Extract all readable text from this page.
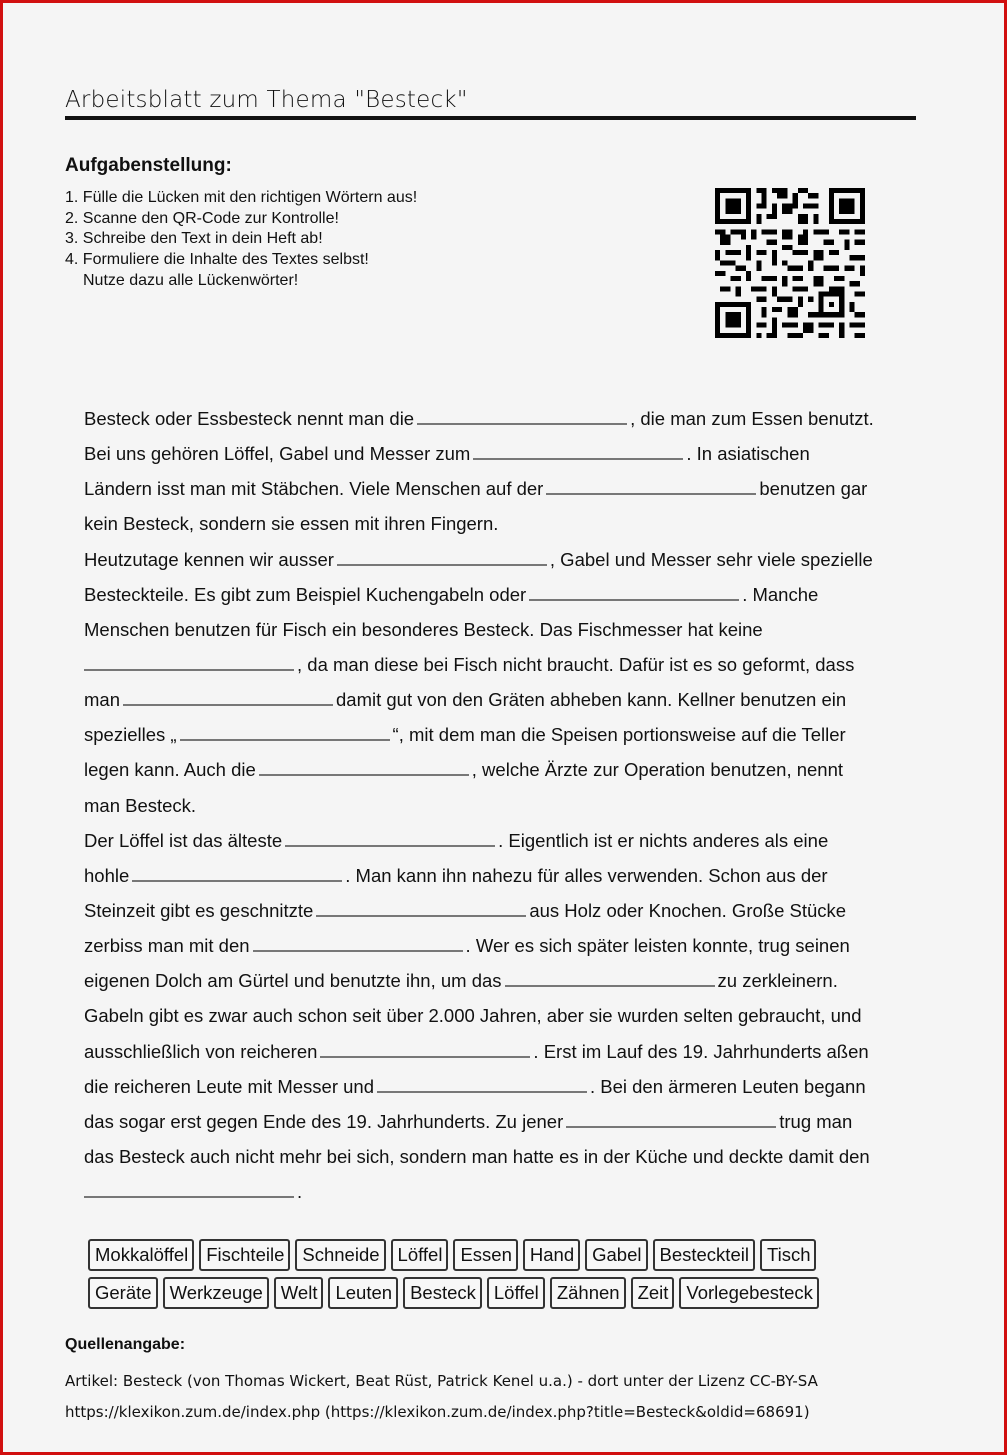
Arbeitsblatt zum Thema "Besteck"
Aufgabenstellung:
1. Fülle die Lücken mit den richtigen Wörtern aus!
2. Scanne den QR-Code zur Kontrolle!
3. Schreibe den Text in dein Heft ab!
4. Formuliere die Inhalte des Textes selbst!
Nutze dazu alle Lückenwörter!
Besteck oder Essbesteck nennt man die	, die man zum Essen benutzt.
Bei uns gehören Löffel, Gabel und Messer zum	. In asiatischen
Ländern isst man mit Stäbchen. Viele Menschen auf der	benutzen gar
kein Besteck, sondern sie essen mit ihren Fingern.
Heutzutage kennen wir ausser	, Gabel und Messer sehr viele spezielle
Besteckteile. Es gibt zum Beispiel Kuchengabeln oder	. Manche
Menschen benutzen für Fisch ein besonderes Besteck. Das Fischmesser hat keine
, da man diese bei Fisch nicht braucht. Dafür ist es so geformt, dass
man	damit gut von den Gräten abheben kann. Kellner benutzen ein
spezielles „	“, mit dem man die Speisen portionsweise auf die Teller
legen kann. Auch die	, welche Ärzte zur Operation benutzen, nennt
man Besteck.
Der Löffel ist das älteste	. Eigentlich ist er nichts anderes als eine
hohle	. Man kann ihn nahezu für alles verwenden. Schon aus der
Steinzeit gibt es geschnitzte	aus Holz oder Knochen. Große Stücke
zerbiss man mit den	. Wer es sich später leisten konnte, trug seinen
eigenen Dolch am Gürtel und benutzte ihn, um das	zu zerkleinern.
Gabeln gibt es zwar auch schon seit über 2.000 Jahren, aber sie wurden selten gebraucht, und
ausschließlich von reicheren	. Erst im Lauf des 19. Jahrhunderts aßen
die reicheren Leute mit Messer und	. Bei den ärmeren Leuten begann
das sogar erst gegen Ende des 19. Jahrhunderts. Zu jener	trug man
das Besteck auch nicht mehr bei sich, sondern man hatte es in der Küche und deckte damit den
.
Mokkalöffel Fischteile Schneide Löffel Essen Hand Gabel Besteckteil Tisch
Geräte Werkzeuge Welt Leuten Besteck Löffel Zähnen Zeit Vorlegebesteck
Quellenangabe:
Artikel: Besteck (von Thomas Wickert, Beat Rüst, Patrick Kenel u.a.) - dort unter der Lizenz CC-BY-SA
https://klexikon.zum.de/index.php (https://klexikon.zum.de/index.php?title=Besteck&oldid=68691)
